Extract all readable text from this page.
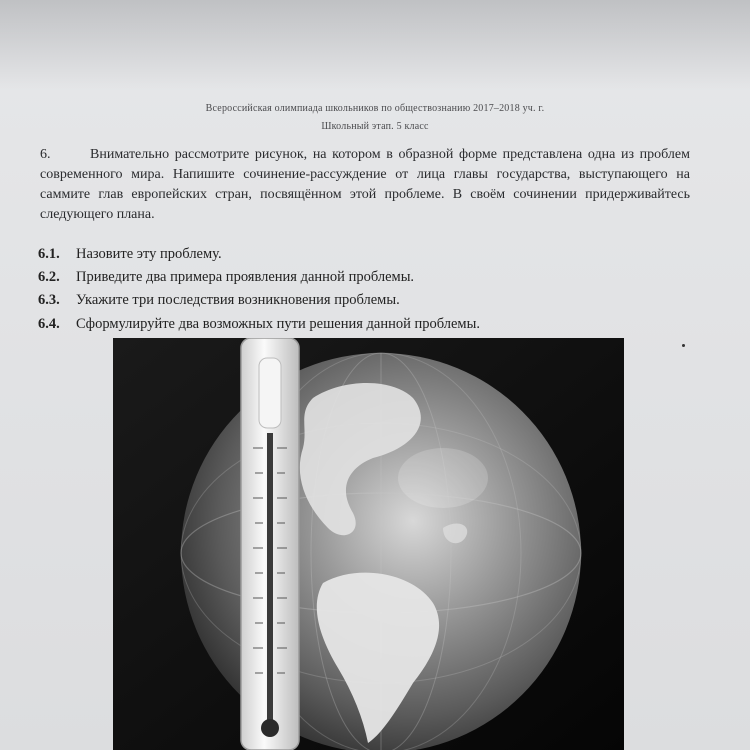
Всероссийская олимпиада школьников по обществознанию 2017–2018 уч. г.
Школьный этап. 5 класс
6.	Внимательно рассмотрите рисунок, на котором в образной форме представлена одна из проблем современного мира. Напишите сочинение-рассуждение от лица главы государства, выступающего на саммите глав европейских стран, посвящённом этой проблеме. В своём сочинении придерживайтесь следующего плана.
6.1. Назовите эту проблему.
6.2. Приведите два примера проявления данной проблемы.
6.3. Укажите три последствия возникновения проблемы.
6.4. Сформулируйте два возможных пути решения данной проблемы.
